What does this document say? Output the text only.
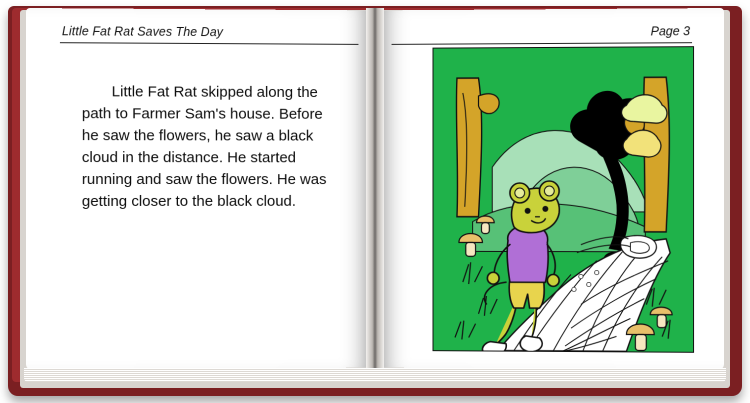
Little Fat Rat Saves The Day

Little Fat Rat skipped along the path to Farmer Sam's house. Before he saw the flowers, he saw a black cloud in the distance. He started running and saw the flowers. He was getting closer to the black cloud.

Page 3
